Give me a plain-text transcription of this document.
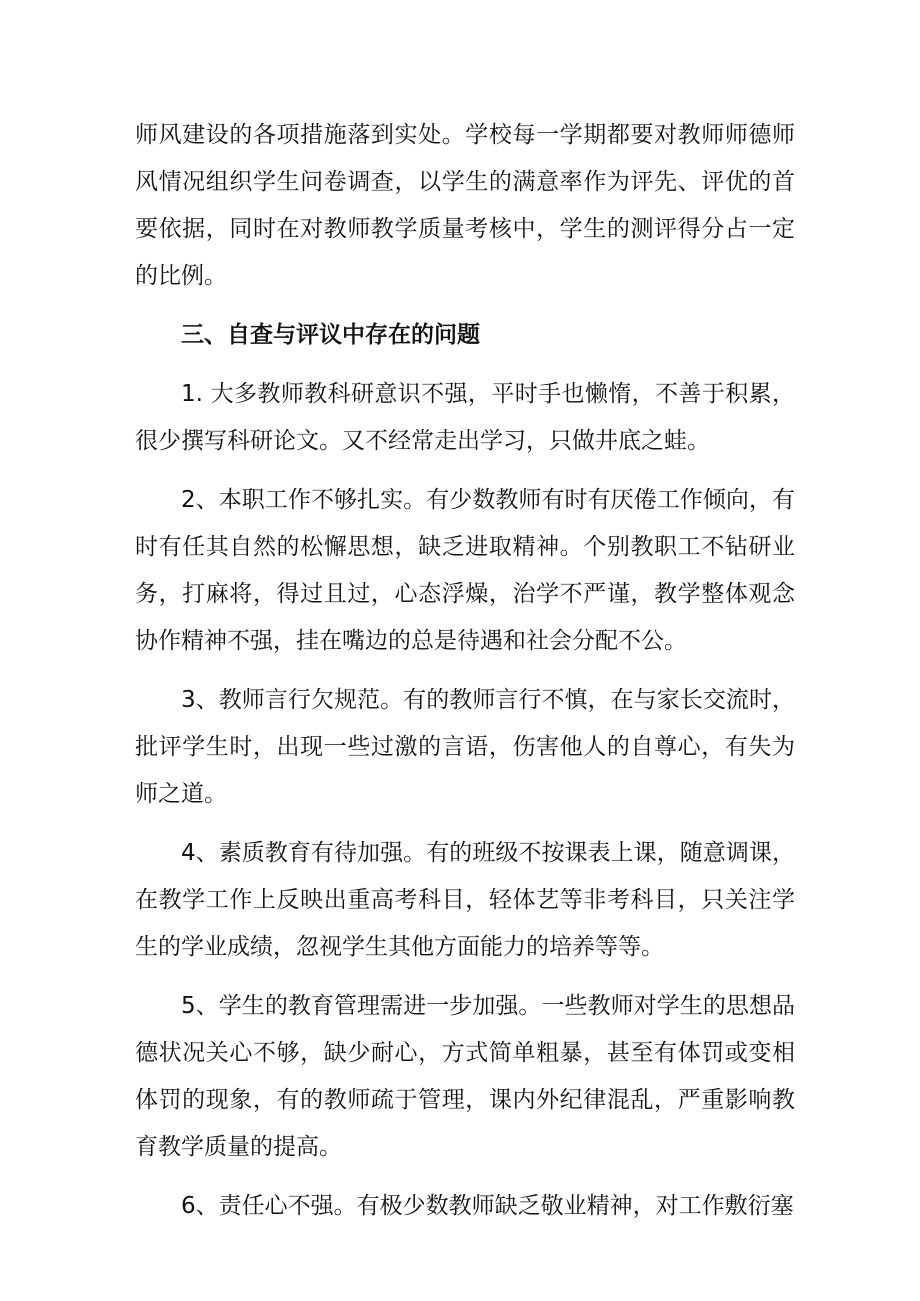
师风建设的各项措施落到实处。学校每一学期都要对教师师德师风情况组织学生问卷调查，以学生的满意率作为评先、评优的首要依据，同时在对教师教学质量考核中，学生的测评得分占一定的比例。

三、自查与评议中存在的问题

1. 大多教师教科研意识不强，平时手也懒惰，不善于积累，很少撰写科研论文。又不经常走出学习，只做井底之蛙。

2、本职工作不够扎实。有少数教师有时有厌倦工作倾向，有时有任其自然的松懈思想，缺乏进取精神。个别教职工不钻研业务，打麻将，得过且过，心态浮燥，治学不严谨，教学整体观念协作精神不强，挂在嘴边的总是待遇和社会分配不公。

3、教师言行欠规范。有的教师言行不慎，在与家长交流时，批评学生时，出现一些过激的言语，伤害他人的自尊心，有失为师之道。

4、素质教育有待加强。有的班级不按课表上课，随意调课，在教学工作上反映出重高考科目，轻体艺等非考科目，只关注学生的学业成绩，忽视学生其他方面能力的培养等等。

5、学生的教育管理需进一步加强。一些教师对学生的思想品德状况关心不够，缺少耐心，方式简单粗暴，甚至有体罚或变相体罚的现象，有的教师疏于管理，课内外纪律混乱，严重影响教育教学质量的提高。

6、责任心不强。有极少数教师缺乏敬业精神，对工作敷衍塞
